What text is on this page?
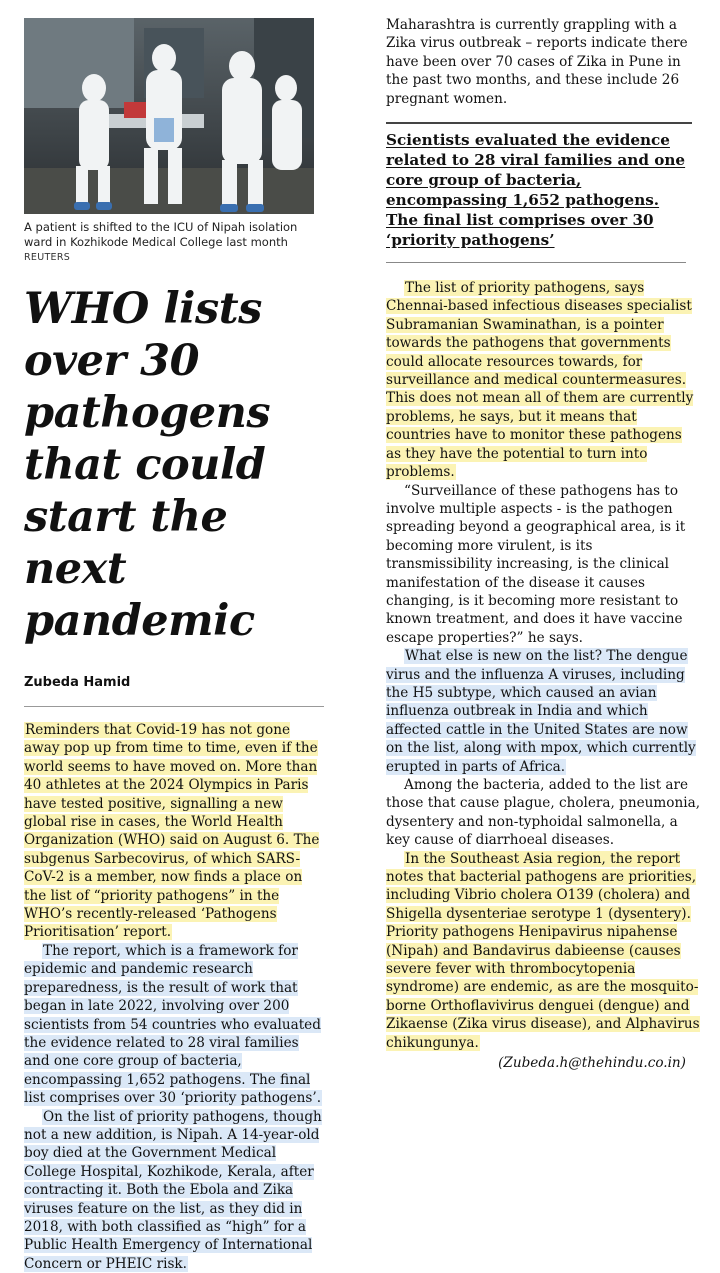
A patient is shifted to the ICU of Nipah isolation ward in Kozhikode Medical College last month
REUTERS
WHO lists over 30 pathogens that could start the next pandemic
Zubeda Hamid

Reminders that Covid-19 has not gone away pop up from time to time, even if the world seems to have moved on. More than 40 athletes at the 2024 Olympics in Paris have tested positive, signalling a new global rise in cases, the World Health Organization (WHO) said on August 6. The subgenus Sarbecovirus, of which SARS-CoV-2 is a member, now finds a place on the list of “priority pathogens” in the WHO’s recently-released ‘Pathogens Prioritisation’ report.

The report, which is a framework for epidemic and pandemic research preparedness, is the result of work that began in late 2022, involving over 200 scientists from 54 countries who evaluated the evidence related to 28 viral families and one core group of bacteria, encompassing 1,652 pathogens. The final list comprises over 30 ‘priority pathogens’.

On the list of priority pathogens, though not a new addition, is Nipah. A 14-year-old boy died at the Government Medical College Hospital, Kozhikode, Kerala, after contracting it. Both the Ebola and Zika viruses feature on the list, as they did in 2018, with both classified as “high” for a Public Health Emergency of International Concern or PHEIC risk.

Maharashtra is currently grappling with a Zika virus outbreak – reports indicate there have been over 70 cases of Zika in Pune in the past two months, and these include 26 pregnant women.
Scientists evaluated the evidence related to 28 viral families and one core group of bacteria, encompassing 1,652 pathogens. The final list comprises over 30 ‘priority pathogens’

The list of priority pathogens, says Chennai-based infectious diseases specialist Subramanian Swaminathan, is a pointer towards the pathogens that governments could allocate resources towards, for surveillance and medical countermeasures. This does not mean all of them are currently problems, he says, but it means that countries have to monitor these pathogens as they have the potential to turn into problems.

“Surveillance of these pathogens has to involve multiple aspects - is the pathogen spreading beyond a geographical area, is it becoming more virulent, is its transmissibility increasing, is the clinical manifestation of the disease it causes changing, is it becoming more resistant to known treatment, and does it have vaccine escape properties?” he says.

What else is new on the list? The dengue virus and the influenza A viruses, including the H5 subtype, which caused an avian influenza outbreak in India and which affected cattle in the United States are now on the list, along with mpox, which currently erupted in parts of Africa.

Among the bacteria, added to the list are those that cause plague, cholera, pneumonia, dysentery and non-typhoidal salmonella, a key cause of diarrhoeal diseases.

In the Southeast Asia region, the report notes that bacterial pathogens are priorities, including Vibrio cholera O139 (cholera) and Shigella dysenteriae serotype 1 (dysentery). Priority pathogens Henipavirus nipahense (Nipah) and Bandavirus dabieense (causes severe fever with thrombocytopenia syndrome) are endemic, as are the mosquito-borne Orthoflavivirus denguei (dengue) and Zikaense (Zika virus disease), and Alphavirus chikungunya.

(Zubeda.h@thehindu.co.in)
